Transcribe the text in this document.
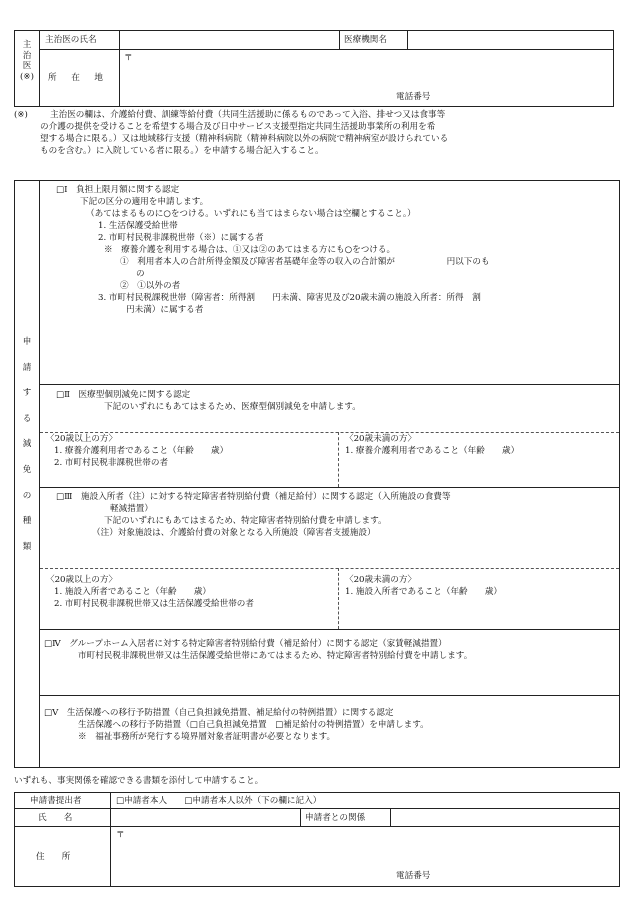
主
治
医
(※)
主治医の氏名	医療機関名
〒
所　在　地
電話番号
(※)	主治医の欄は、介護給付費、訓練等給付費（共同生活援助に係るものであって入浴、排せつ又は食事等
の介護の提供を受けることを希望する場合及び日中サービス支援型指定共同生活援助事業所の利用を希
望する場合に限る。）又は地域移行支援（精神科病院（精神科病院以外の病院で精神病室が設けられている
ものを含む。）に入院している者に限る。）を申請する場合記入すること。
申
請
す
る
減
免
の
種
類
□Ⅰ　負担上限月額に関する認定
下記の区分の適用を申請します。
（あてはまるものに○をつける。いずれにも当てはまらない場合は空欄とすること。）
1. 生活保護受給世帯
2. 市町村民税非課税世帯（※）に属する者
※　療養介護を利用する場合は、①又は②のあてはまる方にも○をつける。
①　利用者本人の合計所得金額及び障害者基礎年金等の収入の合計額が　　　　　　円以下のも
の
②　①以外の者
3. 市町村民税課税世帯（障害者：所得割　　円未満、障害児及び20歳未満の施設入所者：所得　割
円未満）に属する者
□Ⅱ　医療型個別減免に関する認定
下記のいずれにもあてはまるため、医療型個別減免を申請します。
〈20歳以上の方〉
1. 療養介護利用者であること（年齢　　歳）
2. 市町村民税非課税世帯の者
〈20歳未満の方〉
1. 療養介護利用者であること（年齢　　歳）
□Ⅲ　施設入所者（注）に対する特定障害者特別給付費（補足給付）に関する認定（入所施設の食費等
軽減措置）
下記のいずれにもあてはまるため、特定障害者特別給付費を申請します。
（注）対象施設は、介護給付費の対象となる入所施設（障害者支援施設）
〈20歳以上の方〉
1. 施設入所者であること（年齢　　歳）
2. 市町村民税非課税世帯又は生活保護受給世帯の者
〈20歳未満の方〉
1. 施設入所者であること（年齢　　歳）
□Ⅳ　グループホーム入居者に対する特定障害者特別給付費（補足給付）に関する認定（家賃軽減措置）
市町村民税非課税世帯又は生活保護受給世帯にあてはまるため、特定障害者特別給付費を申請します。
□Ⅴ　生活保護への移行予防措置（自己負担減免措置、補足給付の特例措置）に関する認定
生活保護への移行予防措置（□自己負担減免措置　□補足給付の特例措置）を申請します。
※　福祉事務所が発行する境界層対象者証明書が必要となります。
いずれも、事実関係を確認できる書類を添付して申請すること。
申請書提出者	□申請者本人　　□申請者本人以外（下の欄に記入）
氏　　名	申請者との関係
〒
住　　所
電話番号
